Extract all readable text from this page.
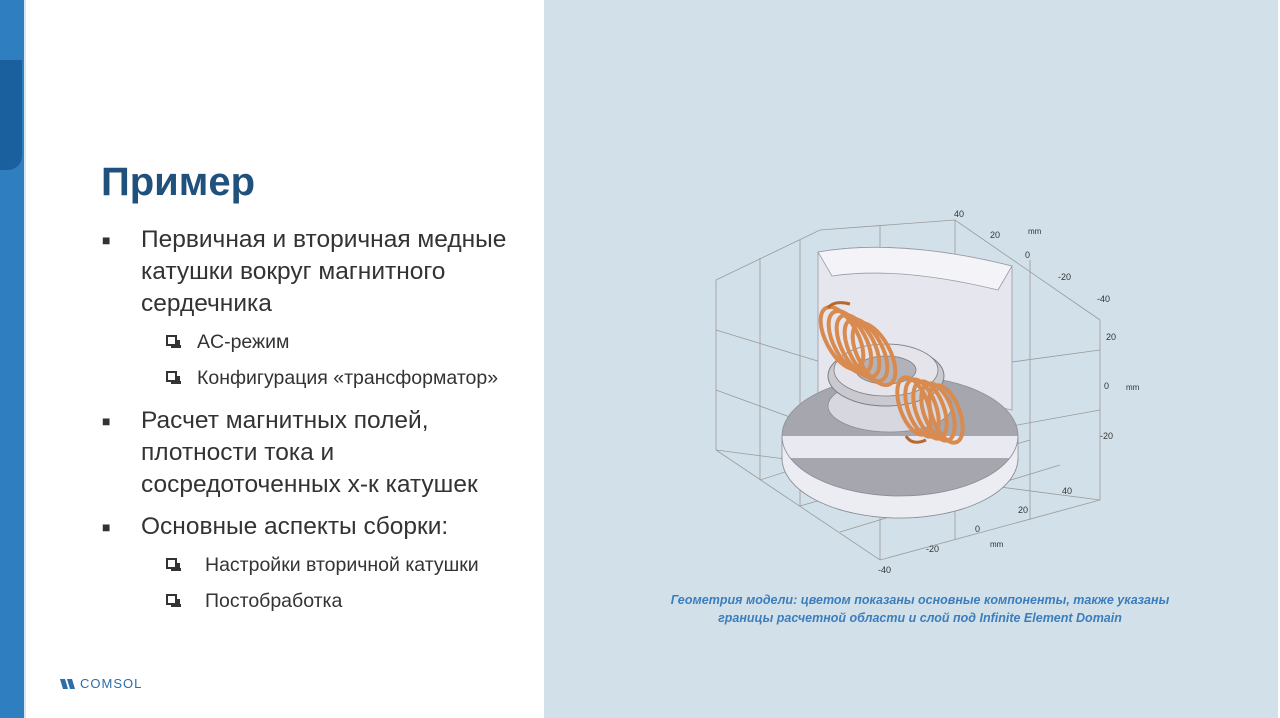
Пример
■ Первичная и вторичная медные катушки вокруг магнитного сердечника
AC-режим
Конфигурация «трансформатор»
■ Расчет магнитных полей, плотности тока и сосредоточенных х-к катушек
■ Основные аспекты сборки:
Настройки вторичной катушки
Постобработка
COMSOL
40
20
0
-20
-40
mm
20
0
-20
mm
40
20
0
-20
-40
mm
Геометрия модели: цветом показаны основные компоненты, также указаны
границы расчетной области и слой под Infinite Element Domain
